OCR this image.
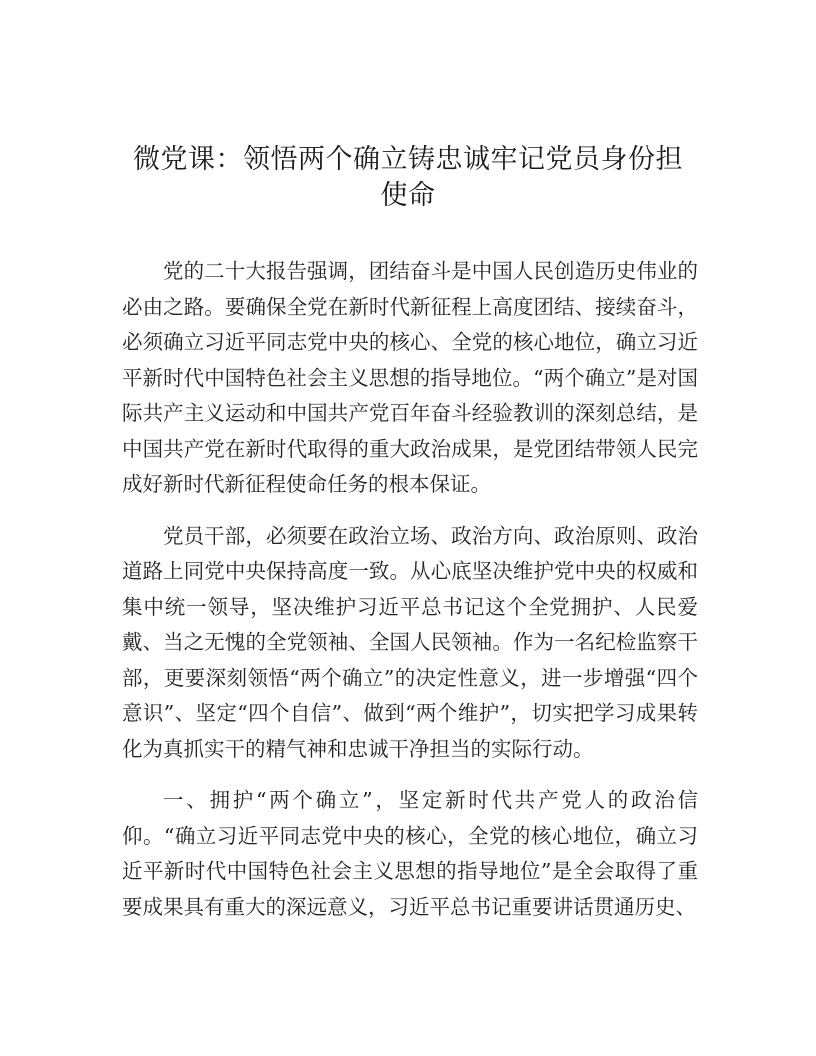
微党课：领悟两个确立铸忠诚牢记党员身份担使命

党的二十大报告强调，团结奋斗是中国人民创造历史伟业的必由之路。要确保全党在新时代新征程上高度团结、接续奋斗，必须确立习近平同志党中央的核心、全党的核心地位，确立习近平新时代中国特色社会主义思想的指导地位。“两个确立”是对国际共产主义运动和中国共产党百年奋斗经验教训的深刻总结，是中国共产党在新时代取得的重大政治成果，是党团结带领人民完成好新时代新征程使命任务的根本保证。

党员干部，必须要在政治立场、政治方向、政治原则、政治道路上同党中央保持高度一致。从心底坚决维护党中央的权威和集中统一领导，坚决维护习近平总书记这个全党拥护、人民爱戴、当之无愧的全党领袖、全国人民领袖。作为一名纪检监察干部，更要深刻领悟“两个确立”的决定性意义，进一步增强“四个意识”、坚定“四个自信”、做到“两个维护”，切实把学习成果转化为真抓实干的精气神和忠诚干净担当的实际行动。

一、拥护“两个确立”，坚定新时代共产党人的政治信仰。“确立习近平同志党中央的核心，全党的核心地位，确立习近平新时代中国特色社会主义思想的指导地位”是全会取得了重要成果具有重大的深远意义，习近平总书记重要讲话贯通历史、
